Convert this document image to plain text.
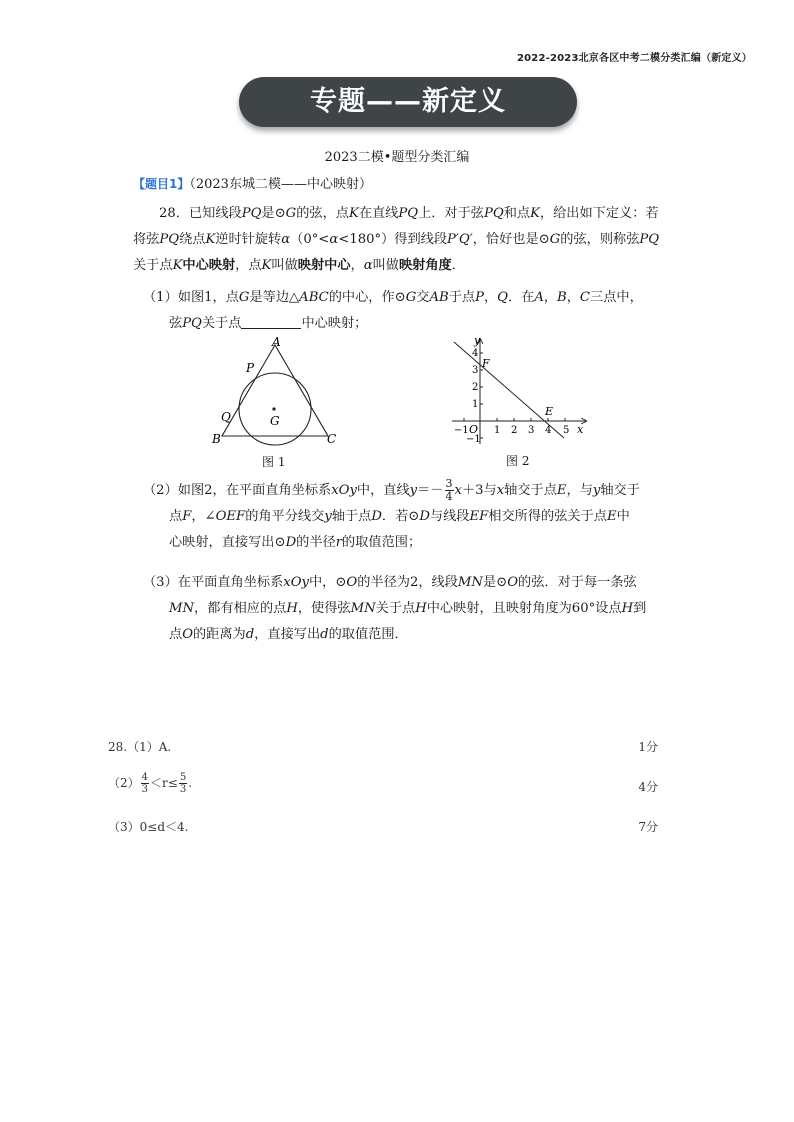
2022-2023北京各区中考二模分类汇编（新定义）
专题——新定义
2023二模•题型分类汇编
【题目1】（2023东城二模——中心映射）
28．已知线段PQ是⊙G的弦，点K在直线PQ上．对于弦PQ和点K，给出如下定义：若
将弦PQ绕点K逆时针旋转α（0°<α<180°）得到线段P′Q′，恰好也是⊙G的弦，则称弦PQ
关于点K中心映射，点K叫做映射中心，α叫做映射角度．
（1）如图1，点G是等边△ABC的中心，作⊙G交AB于点P，Q．在A，B，C三点中，
弦PQ关于点	中心映射；
A
B	C
P
Q	G
图 1
y
x
O
E
F
−1	1 2 3 4 5
4
3
2
1
−1
图 2
（2）如图2，在平面直角坐标系xOy中，直线$y=- \frac{3}{4} x+3$与x轴交于点E，与y轴交于
点F，∠OEF的角平分线交y轴于点D．若⊙D与线段EF相交所得的弦关于点E中
心映射，直接写出⊙D的半径r的取值范围；
（3）在平面直角坐标系xOy中，⊙O的半径为2，线段MN是⊙O的弦．对于每一条弦
MN，都有相应的点H，使得弦MN关于点H中心映射，且映射角度为60°设点H到
点O的距离为d，直接写出d的取值范围．
28.（1）A.	1分
$(2) \frac{4}{3} <r\le \frac{5}{3}$ .	4分
（3）0≤d＜4.	7分
